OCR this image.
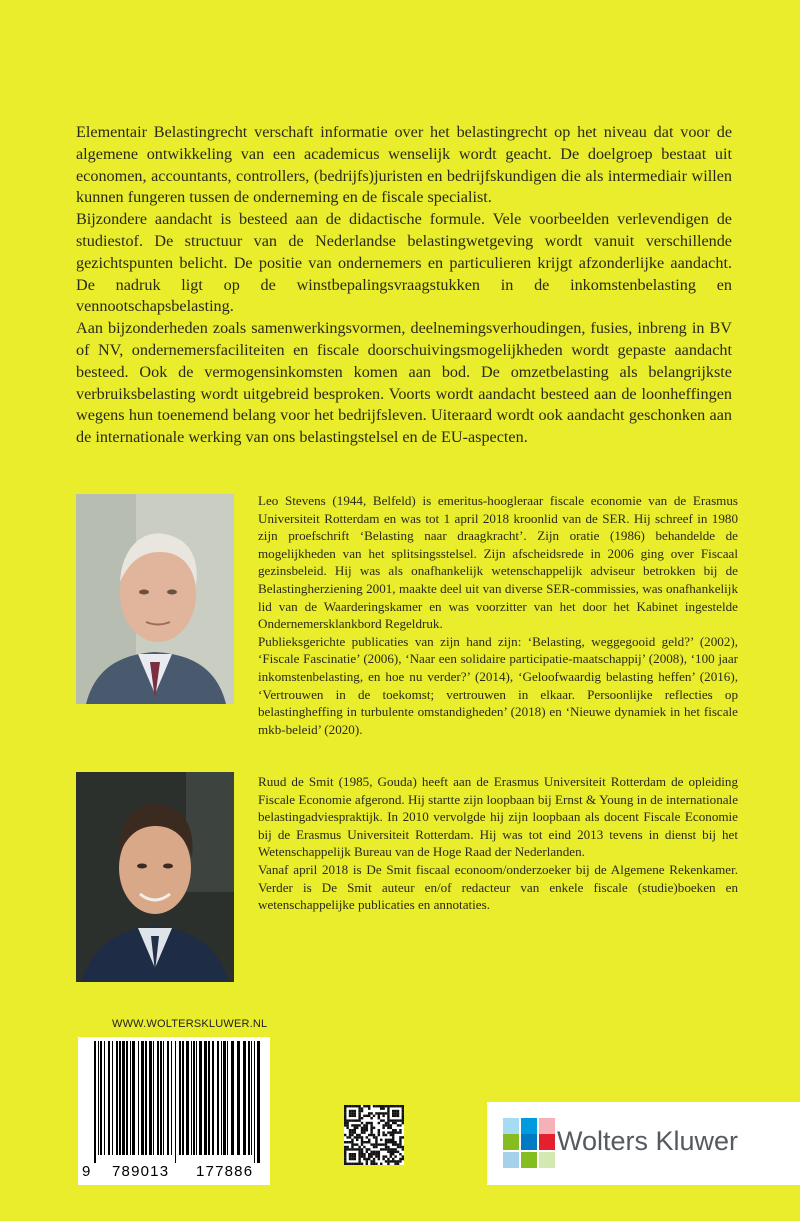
Elementair Belastingrecht verschaft informatie over het belastingrecht op het niveau dat voor de algemene ontwikkeling van een academicus wenselijk wordt geacht. De doelgroep bestaat uit economen, accountants, controllers, (bedrijfs)juristen en bedrijfskundigen die als intermediair willen kunnen fungeren tussen de onderneming en de fiscale specialist.

Bijzondere aandacht is besteed aan de didactische formule. Vele voorbeelden verlevendigen de studiestof. De structuur van de Nederlandse belastingwetgeving wordt vanuit verschillende gezichtspunten belicht. De positie van ondernemers en particulieren krijgt afzonderlijke aandacht. De nadruk ligt op de winstbepalingsvraagstukken in de inkomstenbelasting en vennootschapsbelasting.

Aan bijzonderheden zoals samenwerkingsvormen, deelnemingsverhoudingen, fusies, inbreng in BV of NV, ondernemersfaciliteiten en fiscale doorschuivingsmogelijkheden wordt gepaste aandacht besteed. Ook de vermogensinkomsten komen aan bod. De omzetbelasting als belangrijkste verbruiksbelasting wordt uitgebreid besproken. Voorts wordt aandacht besteed aan de loonheffingen wegens hun toenemend belang voor het bedrijfsleven. Uiteraard wordt ook aandacht geschonken aan de internationale werking van ons belastingstelsel en de EU-aspecten.

Leo Stevens (1944, Belfeld) is emeritus-hoogleraar fiscale economie van de Erasmus Universiteit Rotterdam en was tot 1 april 2018 kroonlid van de SER. Hij schreef in 1980 zijn proefschrift ‘Belasting naar draagkracht’. Zijn oratie (1986) behandelde de mogelijkheden van het splitsingsstelsel. Zijn afscheidsrede in 2006 ging over Fiscaal gezinsbeleid. Hij was als onafhankelijk wetenschappelijk adviseur betrokken bij de Belastingherziening 2001, maakte deel uit van diverse SER-commissies, was onafhankelijk lid van de Waarderingskamer en was voorzitter van het door het Kabinet ingestelde Ondernemersklankbord Regeldruk.

Publieksgerichte publicaties van zijn hand zijn: ‘Belasting, weggegooid geld?’ (2002), ‘Fiscale Fascinatie’ (2006), ‘Naar een solidaire participatie-maatschappij’ (2008), ‘100 jaar inkomstenbelasting, en hoe nu verder?’ (2014), ‘Geloofwaardig belasting heffen’ (2016), ‘Vertrouwen in de toekomst; vertrouwen in elkaar. Persoonlijke reflecties op belastingheffing in turbulente omstandigheden’ (2018) en ‘Nieuwe dynamiek in het fiscale mkb-beleid’ (2020).

Ruud de Smit (1985, Gouda) heeft aan de Erasmus Universiteit Rotterdam de opleiding Fiscale Economie afgerond. Hij startte zijn loopbaan bij Ernst & Young in de internationale belastingadviespraktijk. In 2010 vervolgde hij zijn loopbaan als docent Fiscale Economie bij de Erasmus Universiteit Rotterdam. Hij was tot eind 2013 tevens in dienst bij het Wetenschappelijk Bureau van de Hoge Raad der Nederlanden.

Vanaf april 2018 is De Smit fiscaal econoom/onderzoeker bij de Algemene Rekenkamer. Verder is De Smit auteur en/of redacteur van enkele fiscale (studie)boeken en wetenschappelijke publicaties en annotaties.

WWW.WOLTERSKLUWER.NL
9 789013 177886
Wolters Kluwer
